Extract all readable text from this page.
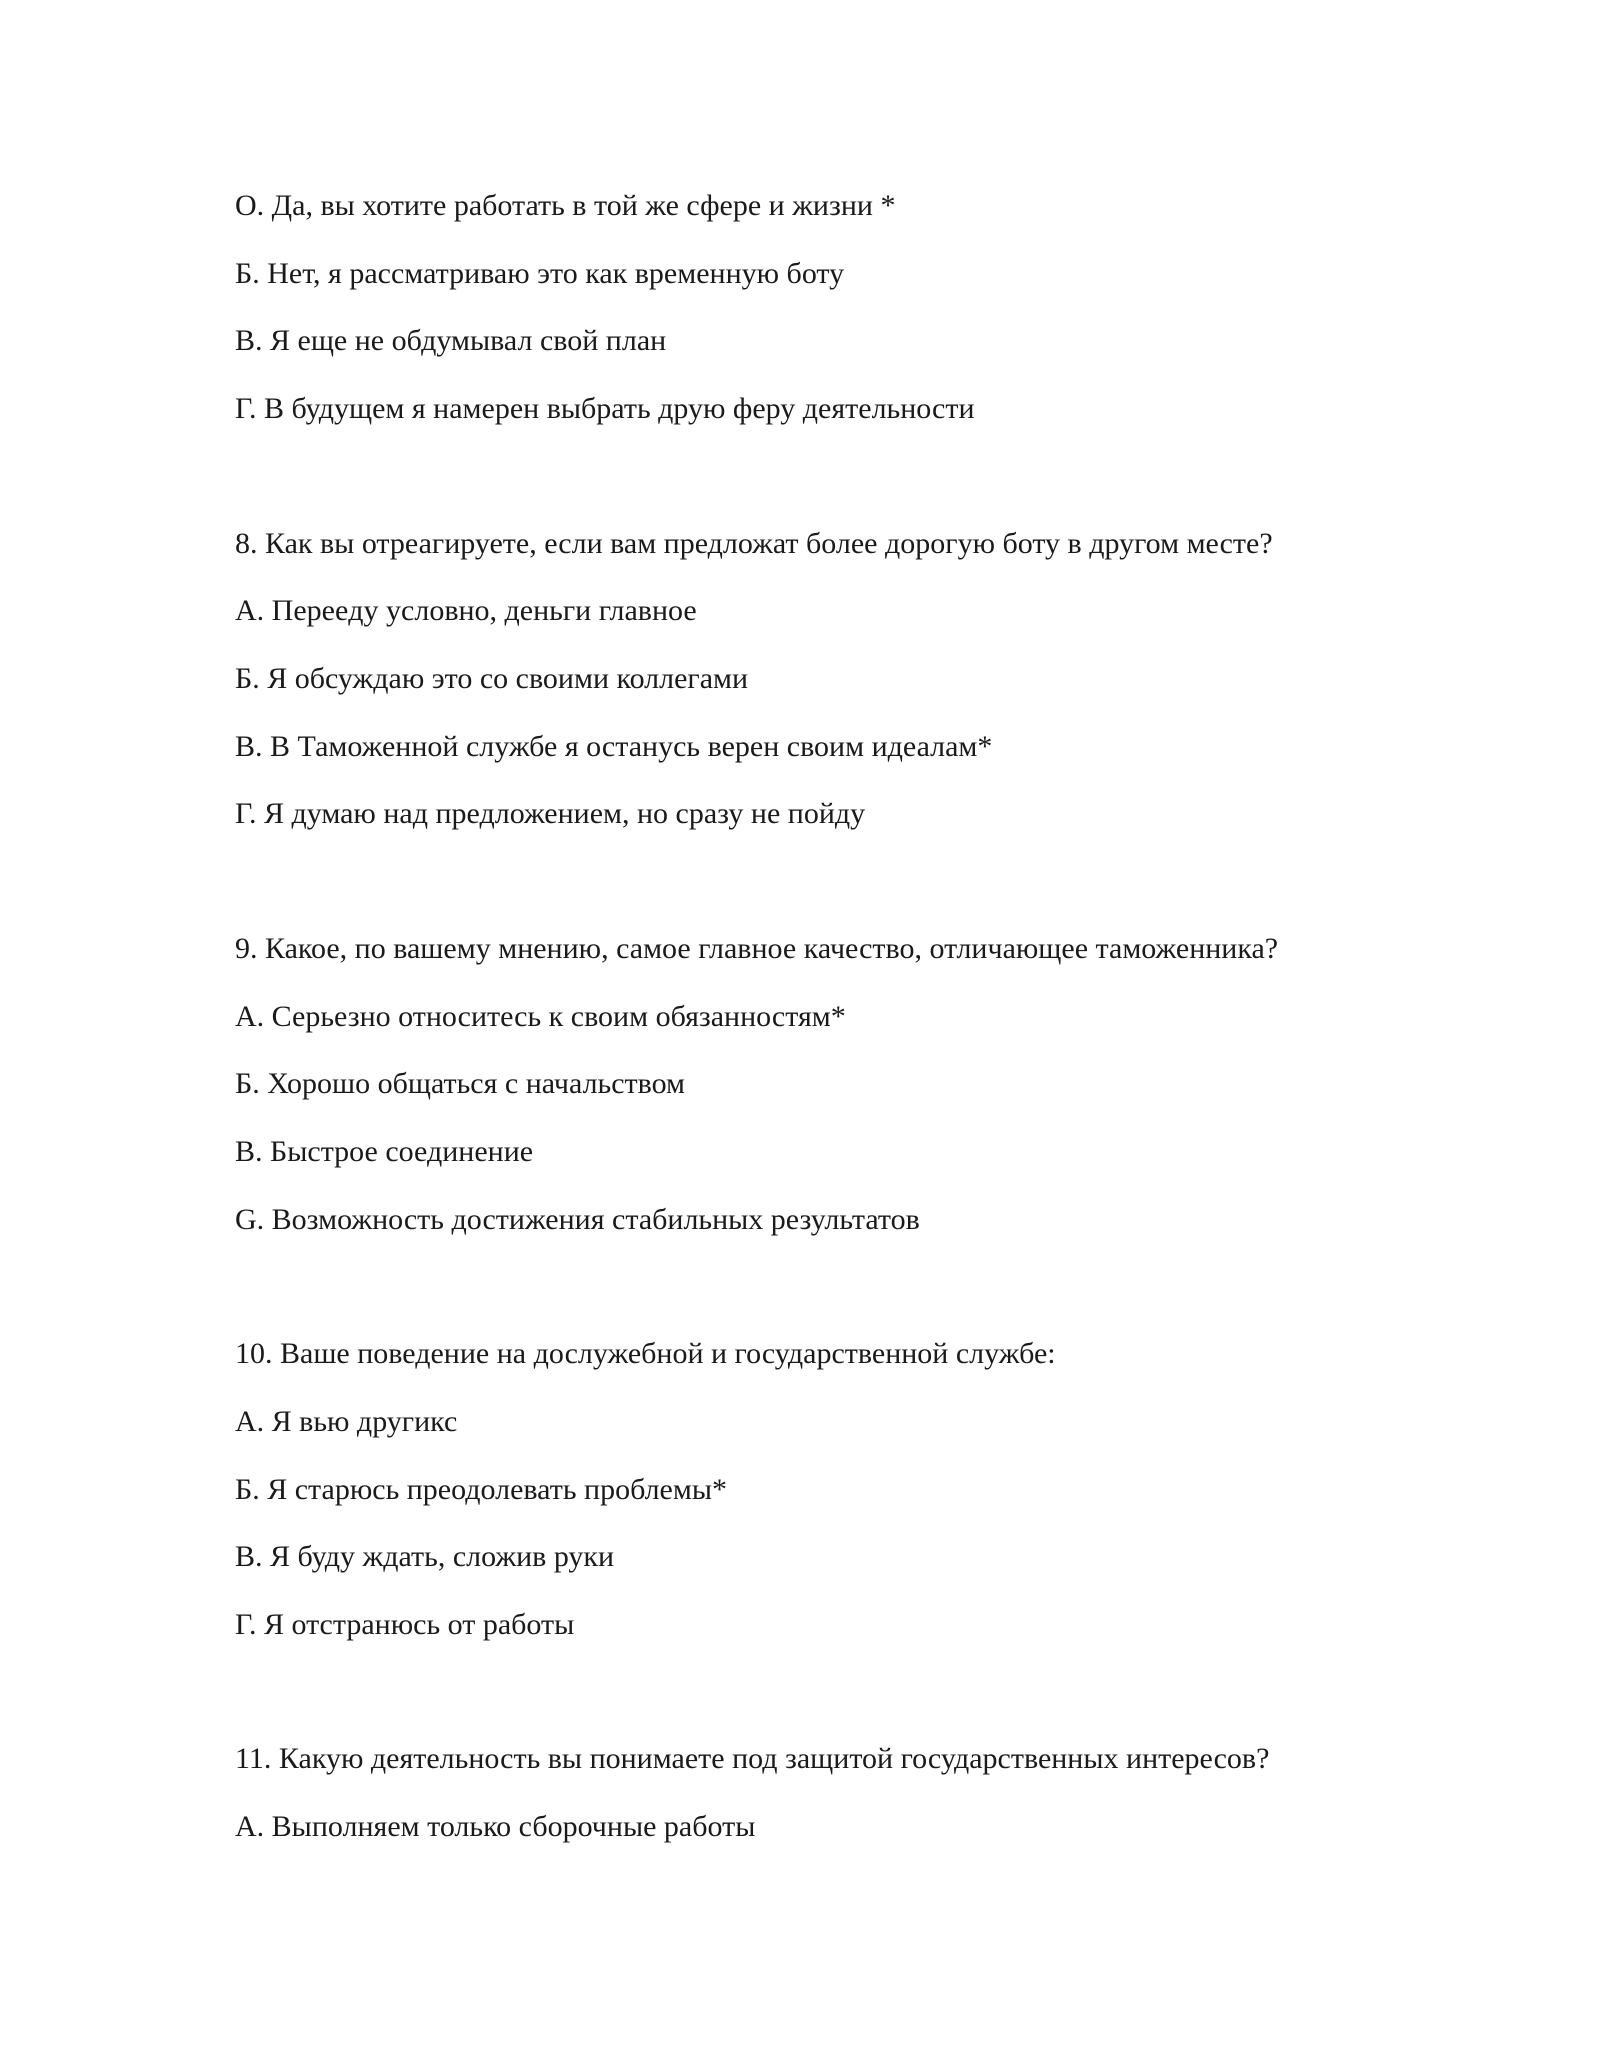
О. Да, вы хотите работать в той же сфере и жизни *

Б. Нет, я рассматриваю это как временную боту

В. Я еще не обдумывал свой план

Г. В будущем я намерен выбрать друю феру деятельности

8. Как вы отреагируете, если вам предложат более дорогую боту в другом месте?

А. Переeду условно, деньги главное

Б. Я обсуждаю это со своими коллегами

В. В Таможенной службе я останусь верен своим идеалам*

Г. Я думаю над предложением, но сразу не пойду

9. Какое, по вашему мнению, самое главное качество, отличающее таможенника?

А. Серьезно относитесь к своим обязанностям*

Б. Хорошо общаться с начальством

В. Быстрое соединение

G. Возможность достижения стабильных результатов

10. Ваше поведение на дослужебной и государственной службе:

А. Я вью другикс

Б. Я старюсь преодолевать проблемы*

В. Я буду ждать, сложив руки

Г. Я отстранюсь от работы

11. Какую деятельность вы понимаете под защитой государственных интересов?

А. Выполняем только сборочные работы
